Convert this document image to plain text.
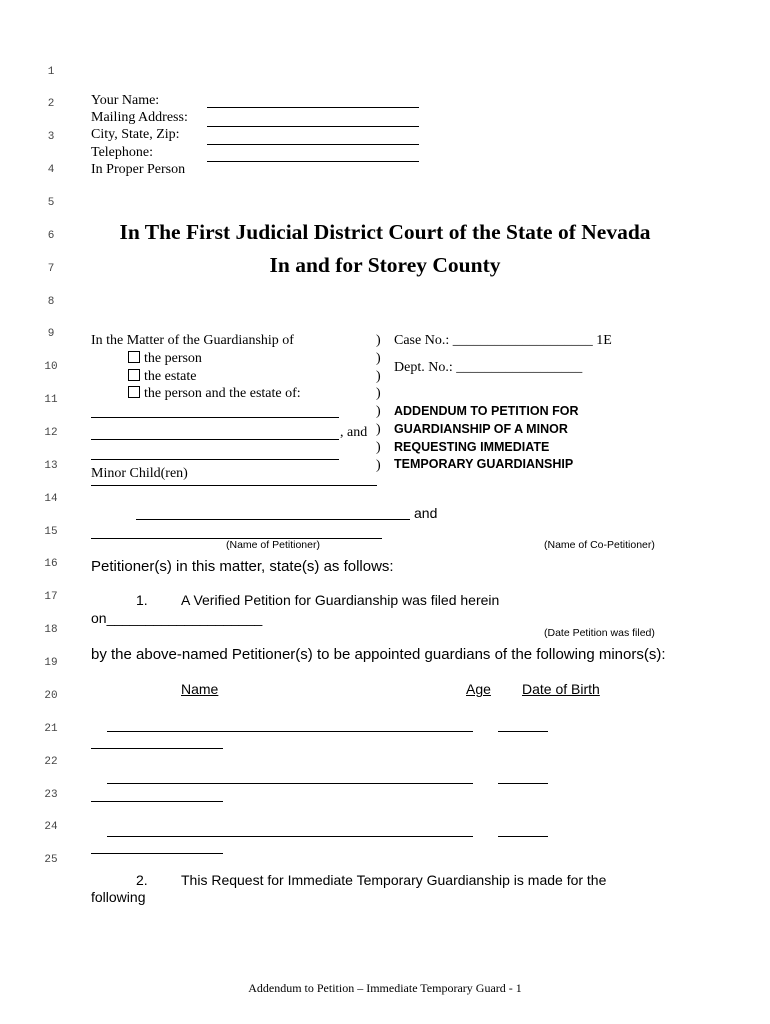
1
2
3
4
5
6
7
8
9
10
11
12
13
14
15
16
17
18
19
20
21
22
23
24
25
Your Name:
Mailing Address:
City, State, Zip:
Telephone:
In Proper Person
In The First Judicial District Court of the State of Nevada
In and for Storey County
In the Matter of the Guardianship of
the person
the estate
the person and the estate of:
, and
Minor Child(ren)
)
)
)
)
)
)
)
)
Case No.: ____________________ 1E
Dept. No.: __________________
ADDENDUM TO PETITION FOR
GUARDIANSHIP OF A MINOR
REQUESTING IMMEDIATE
TEMPORARY GUARDIANSHIP
and
(Name of Petitioner)	(Name of Co-Petitioner)
Petitioner(s) in this matter, state(s) as follows:
1. A Verified Petition for Guardianship was filed herein
on____________________
(Date Petition was filed)
by the above-named Petitioner(s) to be appointed guardians of the following minors(s):
Name	Age Date of Birth
2. This Request for Immediate Temporary Guardianship is made for the
following
Addendum to Petition – Immediate Temporary Guard - 1
